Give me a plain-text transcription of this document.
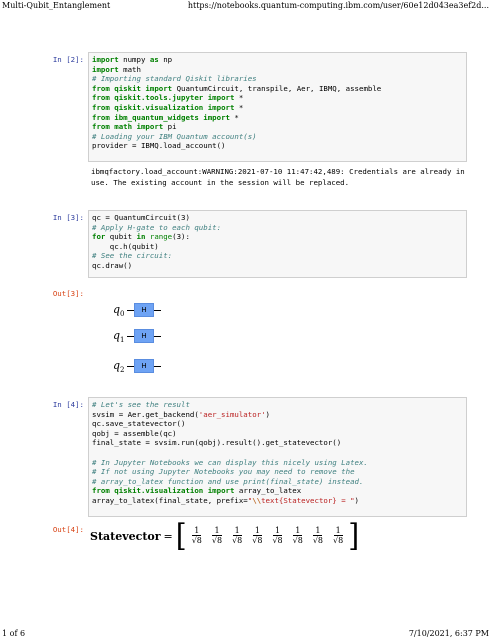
Multi-Qubit_Entanglement	https://notebooks.quantum-computing.ibm.com/user/60e12d043ea3ef2d...
1 of 6	7/10/2021, 6:37 PM
In [2]: import numpy as np
import math
# Importing standard Qiskit libraries
from qiskit import QuantumCircuit, transpile, Aer, IBMQ, assemble
from qiskit.tools.jupyter import *
from qiskit.visualization import *
from ibm_quantum_widgets import *
from math import pi
# Loading your IBM Quantum account(s)
provider = IBMQ.load_account()
ibmqfactory.load_account:WARNING:2021-07-10 11:47:42,489: Credentials are already in use. The existing account in the session will be replaced.
In [3]: qc = QuantumCircuit(3)
# Apply H-gate to each qubit:
for qubit in range(3):
qc.h(qubit)
# See the circuit:
qc.draw()
Out[3]:
$q_0$
H
$q_1$
H
$q_2$
H
In [4]: # Let's see the result
svsim = Aer.get_backend('aer_simulator')
qc.save_statevector()
qobj = assemble(qc)
final_state = svsim.run(qobj).result().get_statevector()
# In Jupyter Notebooks we can display this nicely using Latex.
# If not using Jupyter Notebooks you may need to remove the
# array_to_latex function and use print(final_state) instead.
from qiskit.visualization import array_to_latex
array_to_latex(final_state, prefix="\\text{Statevector} = ")
Out[4]: Statevector = [ $\frac{1}{√8} \frac{1}{√8} \frac{1}{√8} \frac{1}{√8} \frac{1}{√8} \frac{1}{√8} \frac{1}{√8} \frac{1}{√8}$ ]
